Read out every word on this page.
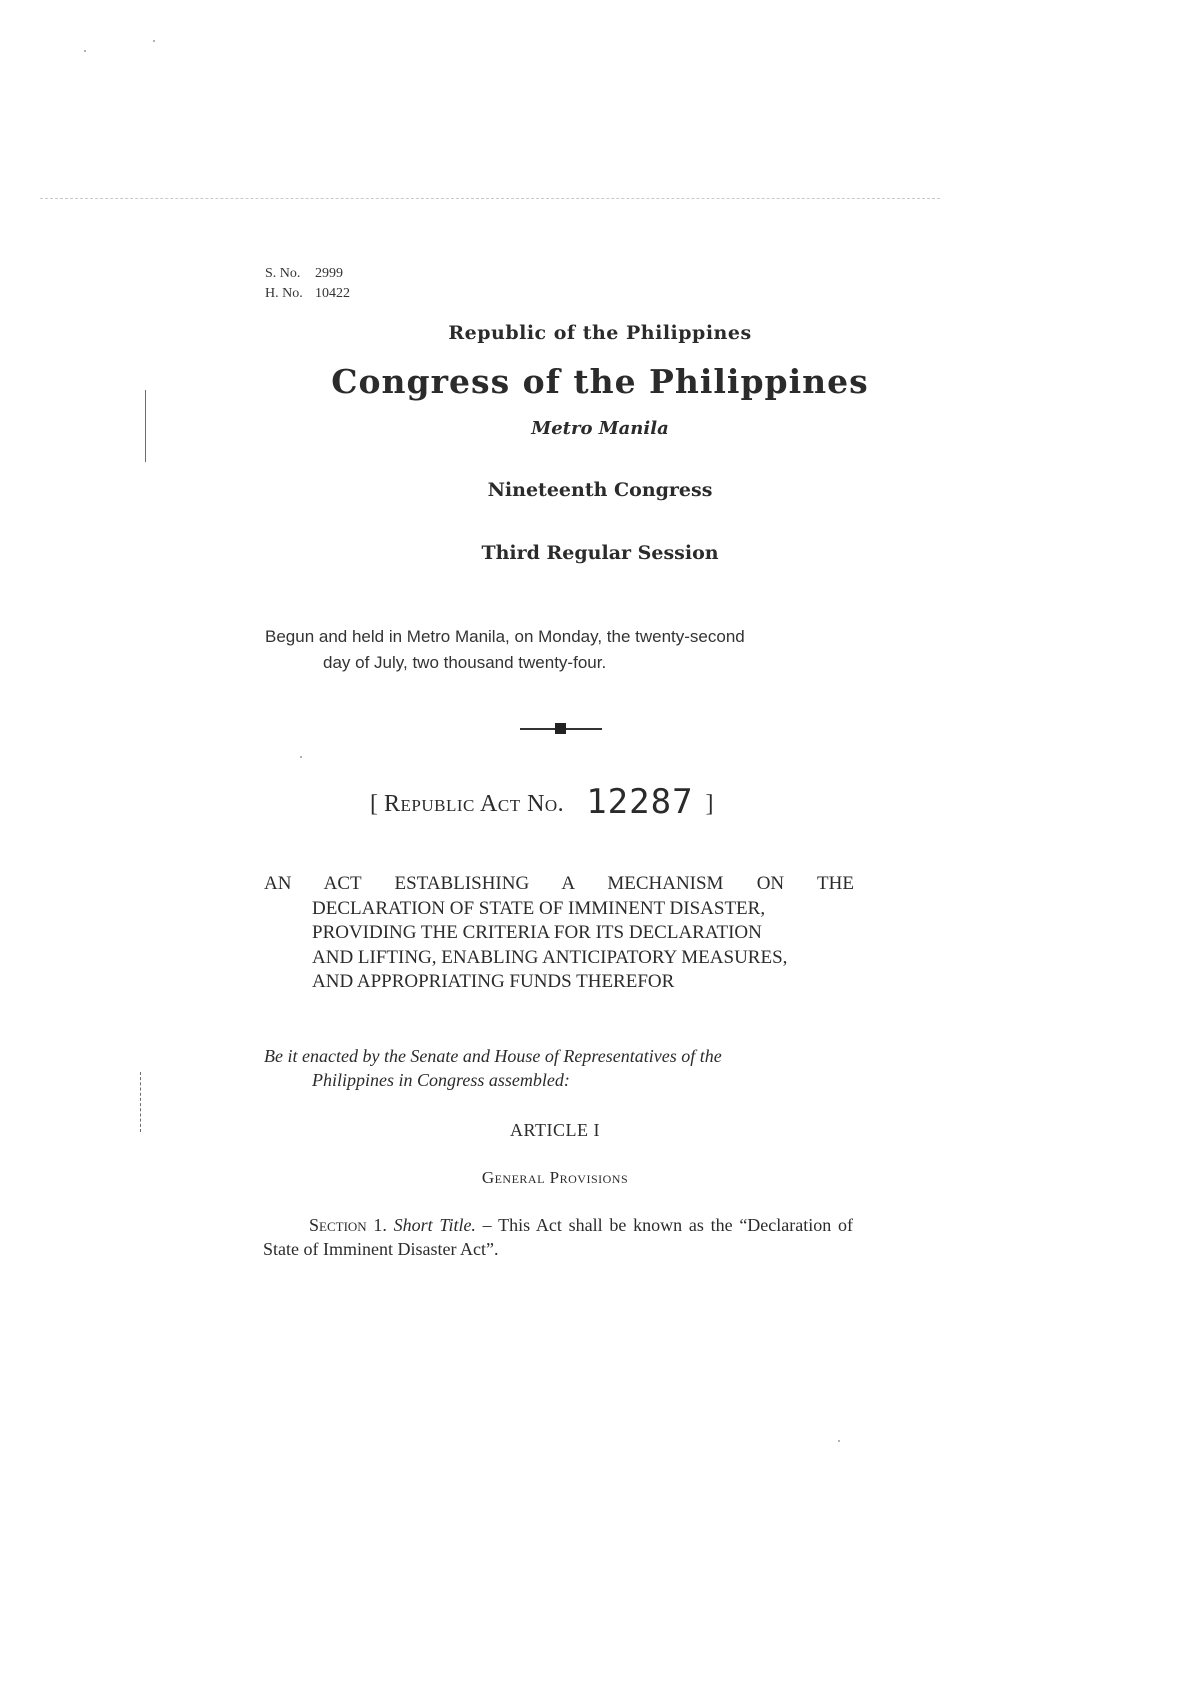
S. No. 2999
H. No. 10422
Republic of the Philippines
Congress of the Philippines
Metro Manila
Nineteenth Congress
Third Regular Session
Begun and held in Metro Manila, on Monday, the twenty-second
day of July, two thousand twenty-four.
[ Republic Act No. 12287 ]
AN ACT ESTABLISHING A MECHANISM ON THE
DECLARATION OF STATE OF IMMINENT DISASTER,
PROVIDING THE CRITERIA FOR ITS DECLARATION
AND LIFTING, ENABLING ANTICIPATORY MEASURES,
AND APPROPRIATING FUNDS THEREFOR
Be it enacted by the Senate and House of Representatives of the
Philippines in Congress assembled:
ARTICLE I
General Provisions
Section 1. Short Title. – This Act shall be known as the “Declaration of State of Imminent Disaster Act”.
